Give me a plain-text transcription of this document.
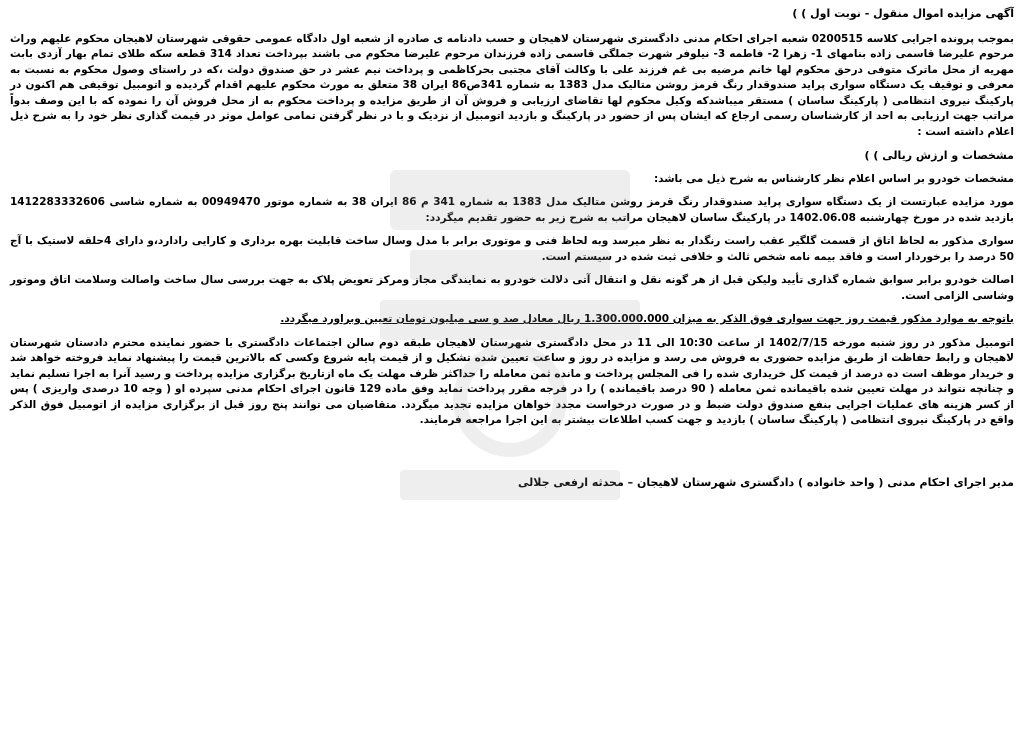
آگهی مزایده اموال منقول - نوبت اول ) )

بموجب پرونده اجرایی کلاسه 0200515 شعبه اجرای احکام مدنی دادگستری شهرستان لاهیجان و حسب دادنامه ی صادره از شعبه اول دادگاه عمومی حقوقی شهرستان لاهیجان محکوم علیهم وراث مرحوم علیرضا قاسمی زاده بنامهای 1- زهرا 2- فاطمه 3- نیلوفر شهرت جملگی قاسمی زاده فرزندان مرحوم علیرضا محکوم می باشند بپرداخت تعداد 314 قطعه سکه طلای تمام بهار آزدی بابت مهریه از محل ماترک متوفی درحق محکوم لها خانم مرضیه بی غم فرزند علی با وکالت آقای مجتبی بحرکاظمی و پرداخت نیم عشر در حق صندوق دولت ،که در راستای وصول محکوم به نسبت به معرفی و توقیف یک دستگاه سواری پراید صندوقدار رنگ قرمز روشن متالیک مدل 1383 به شماره 341ص86 ایران 38 متعلق به مورث محکوم علیهم اقدام گردیده و اتومبیل توقیفی هم اکنون در پارکینگ نیروی انتظامی ( پارکینگ ساسان ) مستقر میباشدکه وکیل محکوم لها تقاضای ارزیابی و فروش آن از طریق مزایده و پرداخت محکوم به از محل فروش آن را نموده که با این وصف بدواً مراتب جهت ارزیابی به احد از کارشناسان رسمی ارجاع که ایشان پس از حضور در پارکینگ و بازدید اتومبیل از نزدیک و با در نظر گرفتن تمامی عوامل موثر در قیمت گذاری نظر خود را به شرح ذیل اعلام داشته است :

مشخصات و ارزش ریالی ) )

مشخصات خودرو بر اساس اعلام نظر کارشناس به شرح ذیل می باشد:

مورد مزایده عبارتست از یک دستگاه سواری پراید صندوقدار رنگ قرمز روشن متالیک مدل 1383 به شماره 341 م 86 ایران 38 به شماره موتور 00949470 به شماره شاسی 1412283332606 بازدید شده در مورخ چهارشنبه 1402.06.08 در پارکینگ ساسان لاهیجان مراتب به شرح زیر به حضور تقدیم میگردد:

سواری مذکور به لحاظ اتاق از قسمت گلگیر عقب راست رنگدار به نظر میرسد وبه لحاظ فنی و موتوری برابر با مدل وسال ساخت قابلیت بهره برداری و کارایی رادارد،و دارای 4حلقه لاستیک با آج 50 درصد را برخوردار است و فاقد بیمه نامه شخص ثالث و خلافی ثبت شده در سیستم است.

اصالت خودرو برابر سوابق شماره گذاری تأیید ولیکن قبل از هر گونه نقل و انتقال آتی دلالت خودرو به نمایندگی مجاز ومرکز تعویض پلاک به جهت بررسی سال ساخت واصالت وسلامت اتاق وموتور وشاسی الزامی است.

باتوجه به موارد مذکور قیمت روز جهت سواری فوق الذکر به میزان 1.300.000.000 ریال معادل صد و سی میلیون تومان تعیین وبراورد میگردد.

اتومبیل مذکور در روز شنبه مورخه 1402/7/15 از ساعت 10:30 الی 11 در محل دادگستری شهرستان لاهیجان طبقه دوم سالن اجتماعات دادگستری با حضور نماینده محترم دادستان شهرستان لاهیجان و رابط حفاظت از طریق مزایده حضوری به فروش می رسد و مزایده در روز و ساعت تعیین شده تشکیل و از قیمت پایه شروع وکسی که بالاترین قیمت را پیشنهاد نماید فروخته خواهد شد و خریدار موظف است ده درصد از قیمت کل خریداری شده را فی المجلس پرداخت و مانده ثمن معامله را حداکثر ظرف مهلت یک ماه ازتاریخ برگزاری مزایده پرداخت و رسید آنرا به اجرا تسلیم نماید و چنانچه نتواند در مهلت تعیین شده باقیمانده ثمن معامله ( 90 درصد باقیمانده ) را در فرجه مقرر پرداخت نماید وفق ماده 129 قانون اجرای احکام مدنی سپرده او ( وجه 10 درصدی واریزی ) پس از کسر هزینه های عملیات اجرایی بنفع صندوق دولت ضبط و در صورت درخواست مجدد خواهان مزایده تجدید میگردد. متقاضیان می توانند پنج روز قبل از برگزاری مزایده از اتومبیل فوق الذکر واقع در پارکینگ نیروی انتظامی ( پارکینگ ساسان ) بازدید و جهت کسب اطلاعات بیشتر به این اجرا مراجعه فرمایند.

مدیر اجرای احکام مدنی ( واحد خانواده ) دادگستری شهرستان لاهیجان – محدثه ارفعی جلالی
